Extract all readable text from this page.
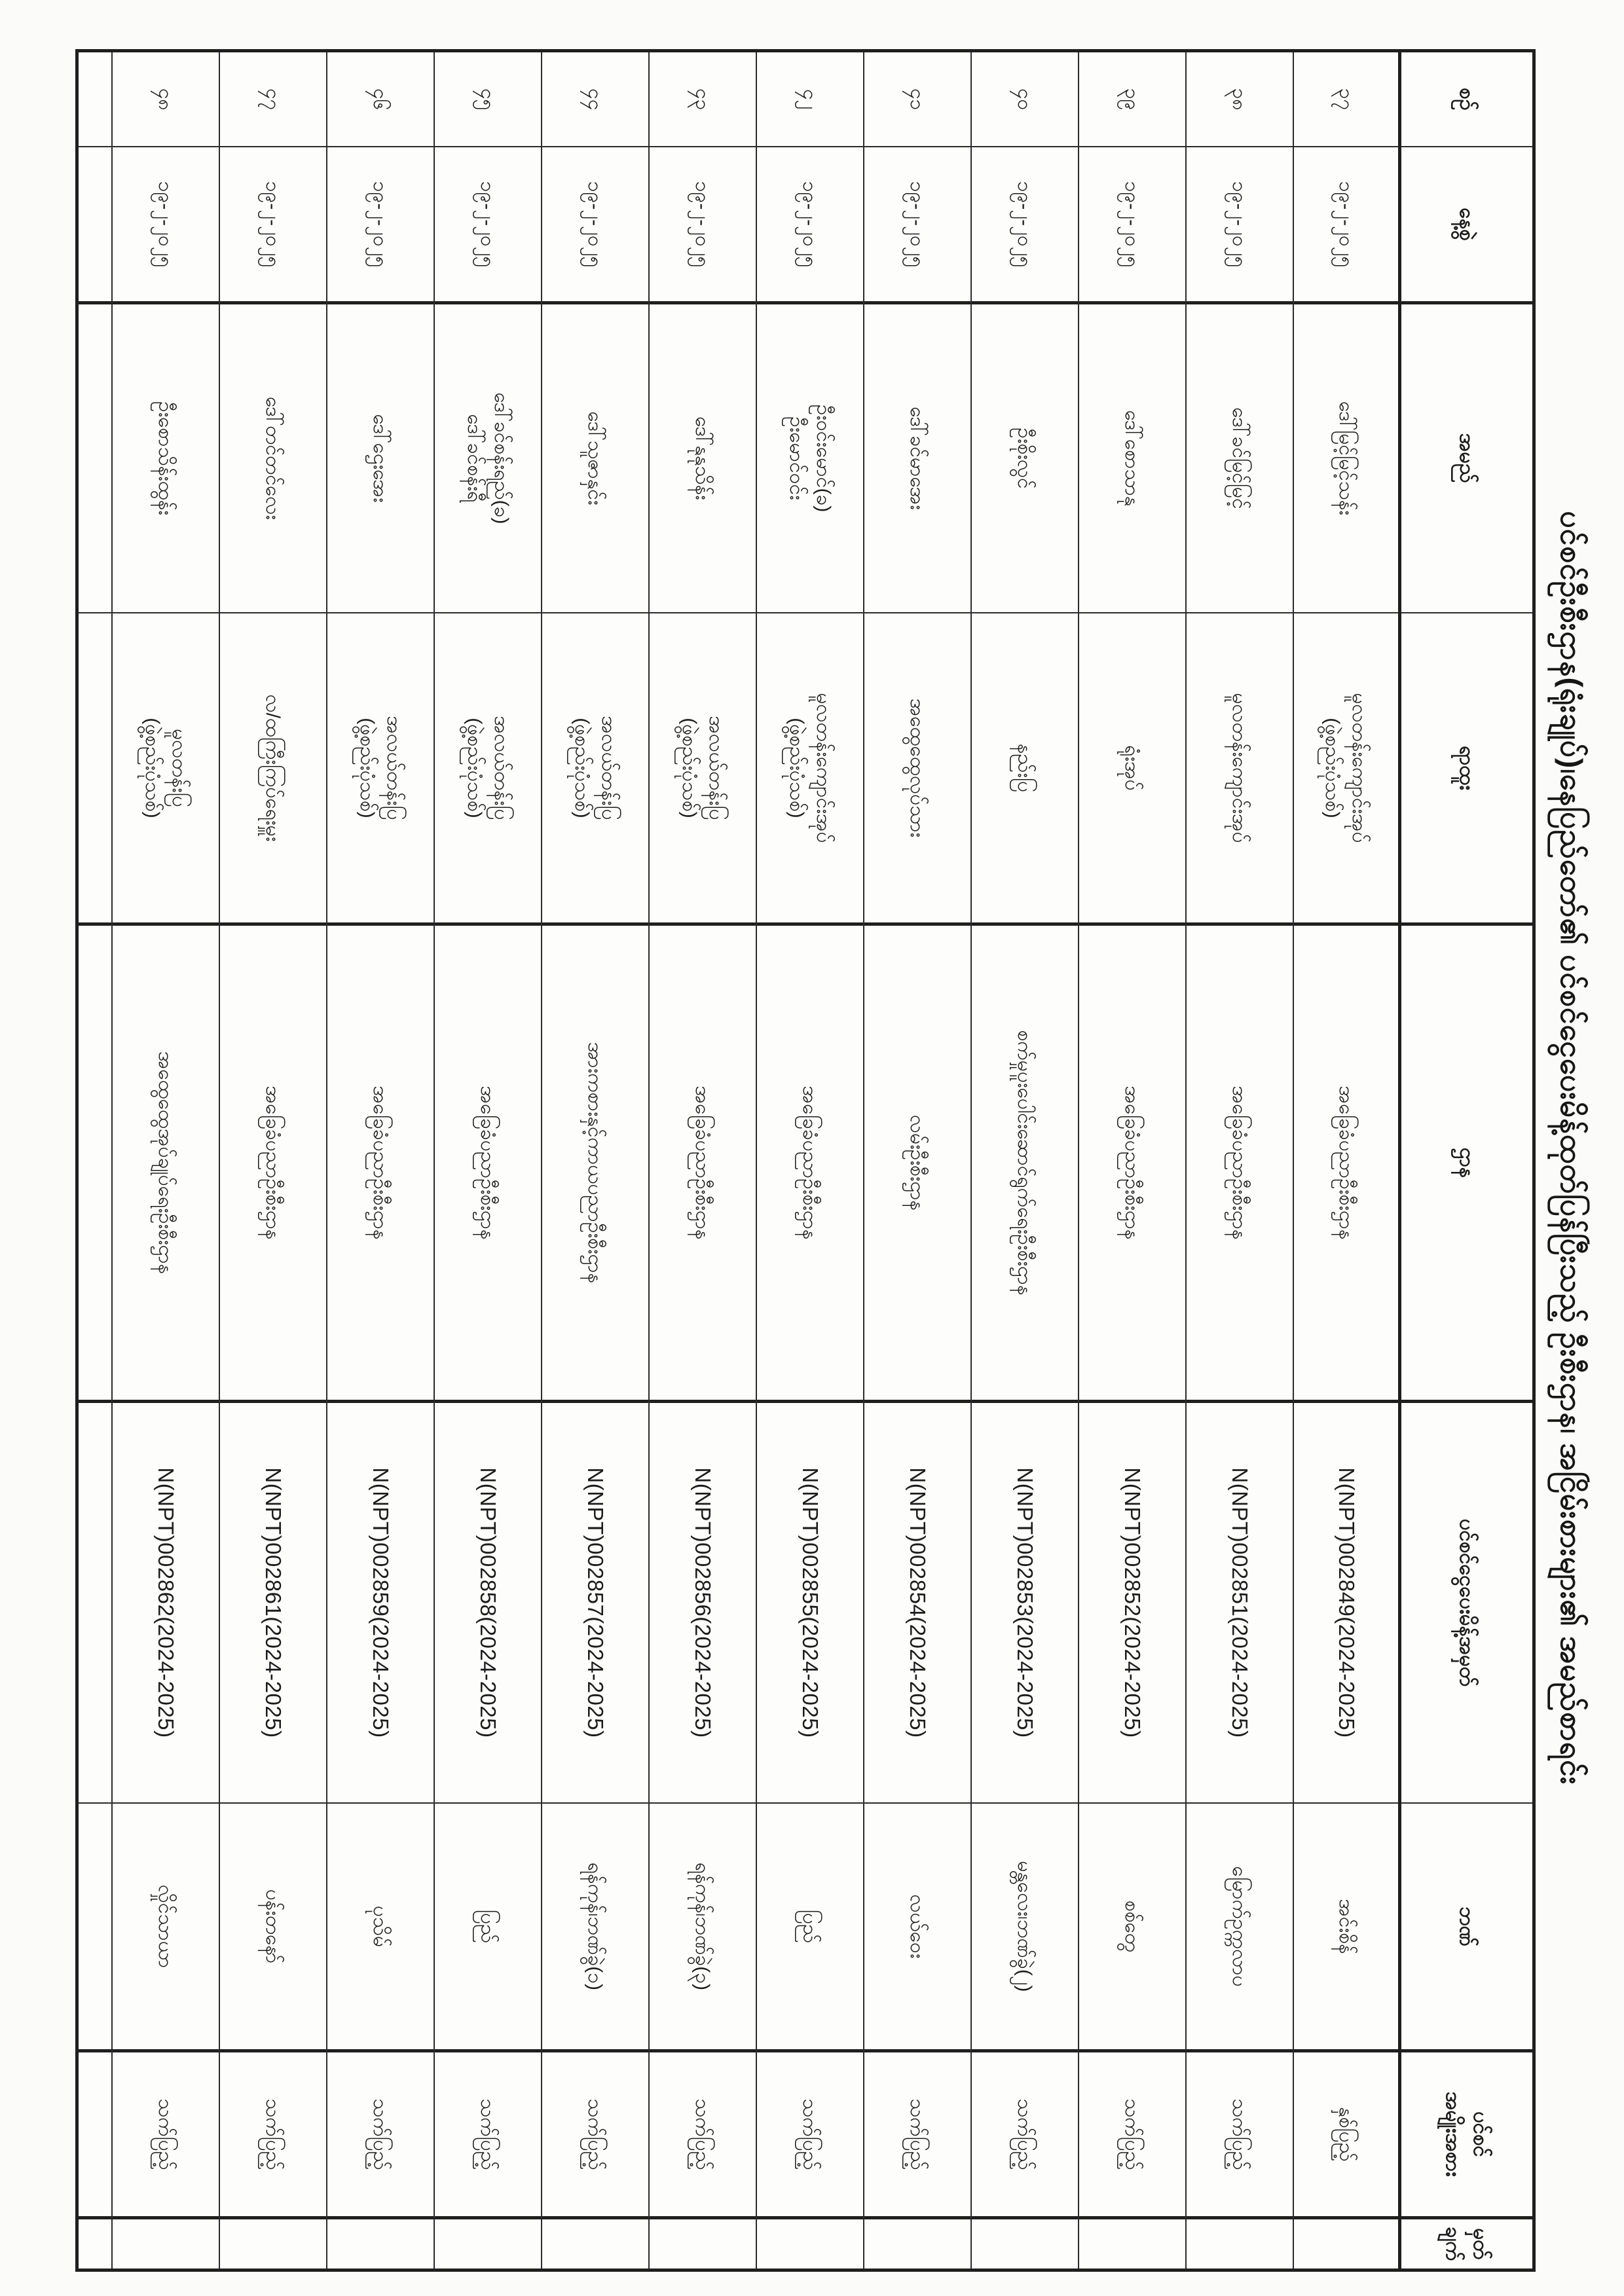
ပင်စင်ဦးစီးဌာန(ရုံးချုပ်)၊နေပြည်တော်၏ ပင်စင်ငွေပေးမိန့်ထုတ်ပြန်ပြီးသည့် ဦးစီးဌာန၊ အငြိမ်းစားများ၏ အမည်စာရင်း
စဉ်
နေ့စွဲ
အမည်
ရာထူး
ဌာန
ပင်စင်ငွေပေးမိန့်အမှတ်
ဘဏ်
ပင်စင်
အမျိုးအစား
မှတ်
ချက်
၃၇
၁၉-၂-၂၀၂၅
ဒေါ်မြင့်မြင့်သန်း
မူလတန်းကျောင်းအုပ်
(ဖွဲ့စည်းပုံသစ်)
အခြေခံပညာဦးစီးဌာန
N(NPT)002849(2024-2025)
အင်းစိန်
နှစ်ပြည့်
၃၈
၁၉-၂-၂၀၂၅
ဒေါ်ခင်မြင့်မြင့်
မူလတန်းကျောင်းအုပ်
အခြေခံပညာဦးစီးဌာန
N(NPT)002851(2024-2025)
မြောက်ဥက္ကလာပ
သက်ပြည့်
၃၉
၁၉-၂-၂၀၂၅
ဒေါ်စောသာနု
ရုံးအုပ်
အခြေခံပညာဦးစီးဌာန
N(NPT)002852(2024-2025)
စစ်တွေ
သက်ပြည့်
၄၀
၁၉-၂-၂၀၂၅
ဦးစိုးလွင်
နည်းပြ
စက်မှုပူးပေါင်းဆောင်ရွက်ရေးဦးစီးဌာန
N(NPT)002853(2024-2025)
မန္တလေး၊ဘဏ်ခွဲ(၂)
သက်ပြည့်
၄၁
၁၉-၂-၂၀၂၅
ဒေါ်ခင်မာအေး
အထွေထွေလုပ်သား
လမ်းဦးစီးဌာန
N(NPT)002854(2024-2025)
လယ်ဝေး
သက်ပြည့်
၄၂
၁၉-၂-၂၀၂၅
ဦးဝင်းမောင်(ခ)
ဦးမောင်ဝင်း
မူလတန်းကျောင်းအုပ်
(ဖွဲ့စည်းပုံသစ်)
အခြေခံပညာဦးစီးဌာန
N(NPT)002855(2024-2025)
ပြည်
သက်ပြည့်
၄၃
၁၉-၂-၂၀၂၅
ဒေါ်နုနုသိန်း
အလယ်တန်းပြ
(ဖွဲ့စည်းပုံသစ်)
အခြေခံပညာဦးစီးဌာန
N(NPT)002856(2024-2025)
ရန်ကုန်၊ဘဏ်ခွဲ(၃)
သက်ပြည့်
၄၄
၁၉-၂-၂၀၂၅
ဒေါ်သူဇာနှင်း
အလယ်တန်းပြ
(ဖွဲ့စည်းပုံသစ်)
အားကစားနှင့်ကာယပညာဦးစီးဌာန
N(NPT)002857(2024-2025)
ရန်ကုန်၊ဘဏ်ခွဲ(၁)
သက်ပြည့်
၄၅
၁၉-၂-၂၀၂၅
ဒေါ်ခင်စန်းရည်(ခ)
ဒေါ်ခင်စန်းရီ
အလယ်တန်းပြ
(ဖွဲ့စည်းပုံသစ်)
အခြေခံပညာဦးစီးဌာန
N(NPT)002858(2024-2025)
ပြည်
သက်ပြည့်
၄၆
၁၉-၂-၂၀၂၅
ဒေါ်ဌေးအေး
အလယ်တန်းပြ
(ဖွဲ့စည်းပုံသစ်)
အခြေခံပညာဦးစီးဌာန
N(NPT)002859(2024-2025)
ပုသိမ်
သက်ပြည့်
၄၇
၁၉-၂-၂၀၂၅
ဒေါ်တင်တင်လေး
လ/ထကြီးကြပ်ရေးမှူး
အခြေခံပညာဦးစီးဌာန
N(NPT)002861(2024-2025)
ပန်းတနော်
သက်ပြည့်
၄၈
၁၉-၂-၂၀၂၅
ဦးစောသိန်းထွန်း
မူလတန်းပြ
(ဖွဲ့စည်းပုံသစ်)
အထွေထွေအုပ်ချုပ်ရေးဦးစီးဌာန
N(NPT)002862(2024-2025)
လှိုင်သာယာ
သက်ပြည့်
